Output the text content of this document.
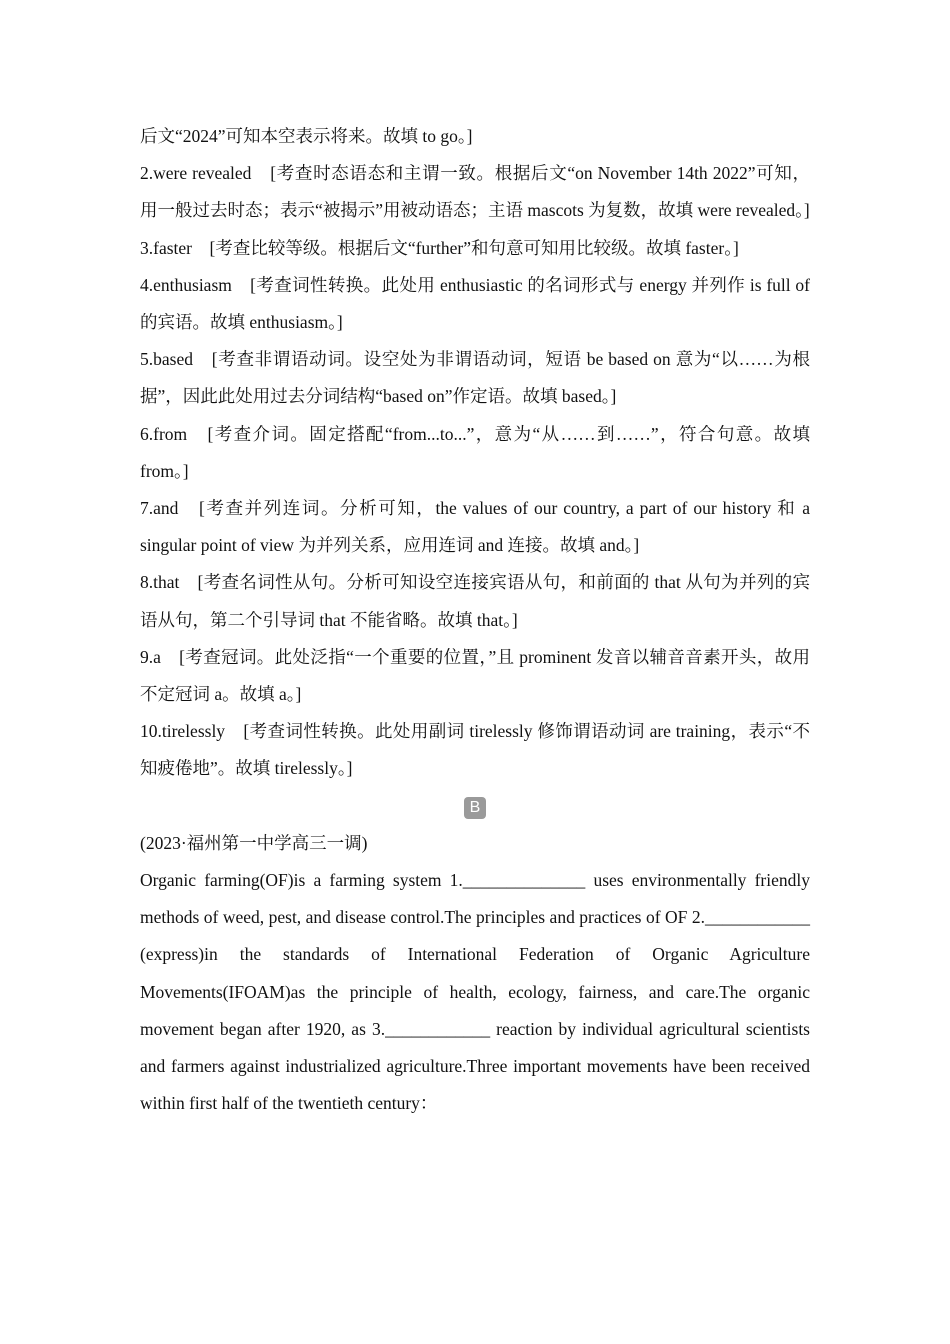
后文“2024”可知本空表示将来。故填 to go。]

2.were revealed　[考查时态语态和主谓一致。根据后文“on November 14th 2022”可知，用一般过去时态；表示“被揭示”用被动语态；主语 mascots 为复数，故填 were revealed。]

3.faster　[考查比较等级。根据后文“further”和句意可知用比较级。故填 faster。]

4.enthusiasm　[考查词性转换。此处用 enthusiastic 的名词形式与 energy 并列作 is full of 的宾语。故填 enthusiasm。]

5.based　[考查非谓语动词。设空处为非谓语动词，短语 be based on 意为“以……为根据”，因此此处用过去分词结构“based on”作定语。故填 based。]

6.from　[考查介词。固定搭配“from...to...”，意为“从……到……”，符合句意。故填 from。]

7.and　[考查并列连词。分析可知，the values of our country, a part of our history 和 a singular point of view 为并列关系，应用连词 and 连接。故填 and。]

8.that　[考查名词性从句。分析可知设空连接宾语从句，和前面的 that 从句为并列的宾语从句，第二个引导词 that 不能省略。故填 that。]

9.a　[考查冠词。此处泛指“一个重要的位置，”且 prominent 发音以辅音音素开头，故用不定冠词 a。故填 a。]

10.tirelessly　[考查词性转换。此处用副词 tirelessly 修饰谓语动词 are training，表示“不知疲倦地”。故填 tirelessly。]

B

(2023·福州第一中学高三一调)

Organic farming(OF)is a farming system 1.______________ uses environmentally friendly methods of weed, pest, and disease control.The principles and practices of OF 2.____________ (express)in the standards of International Federation of Organic Agriculture Movements(IFOAM)as the principle of health, ecology, fairness, and care.The organic movement began after 1920, as 3.____________ reaction by individual agricultural scientists and farmers against industrialized agriculture.Three important movements have been received within first half of the twentieth century：
